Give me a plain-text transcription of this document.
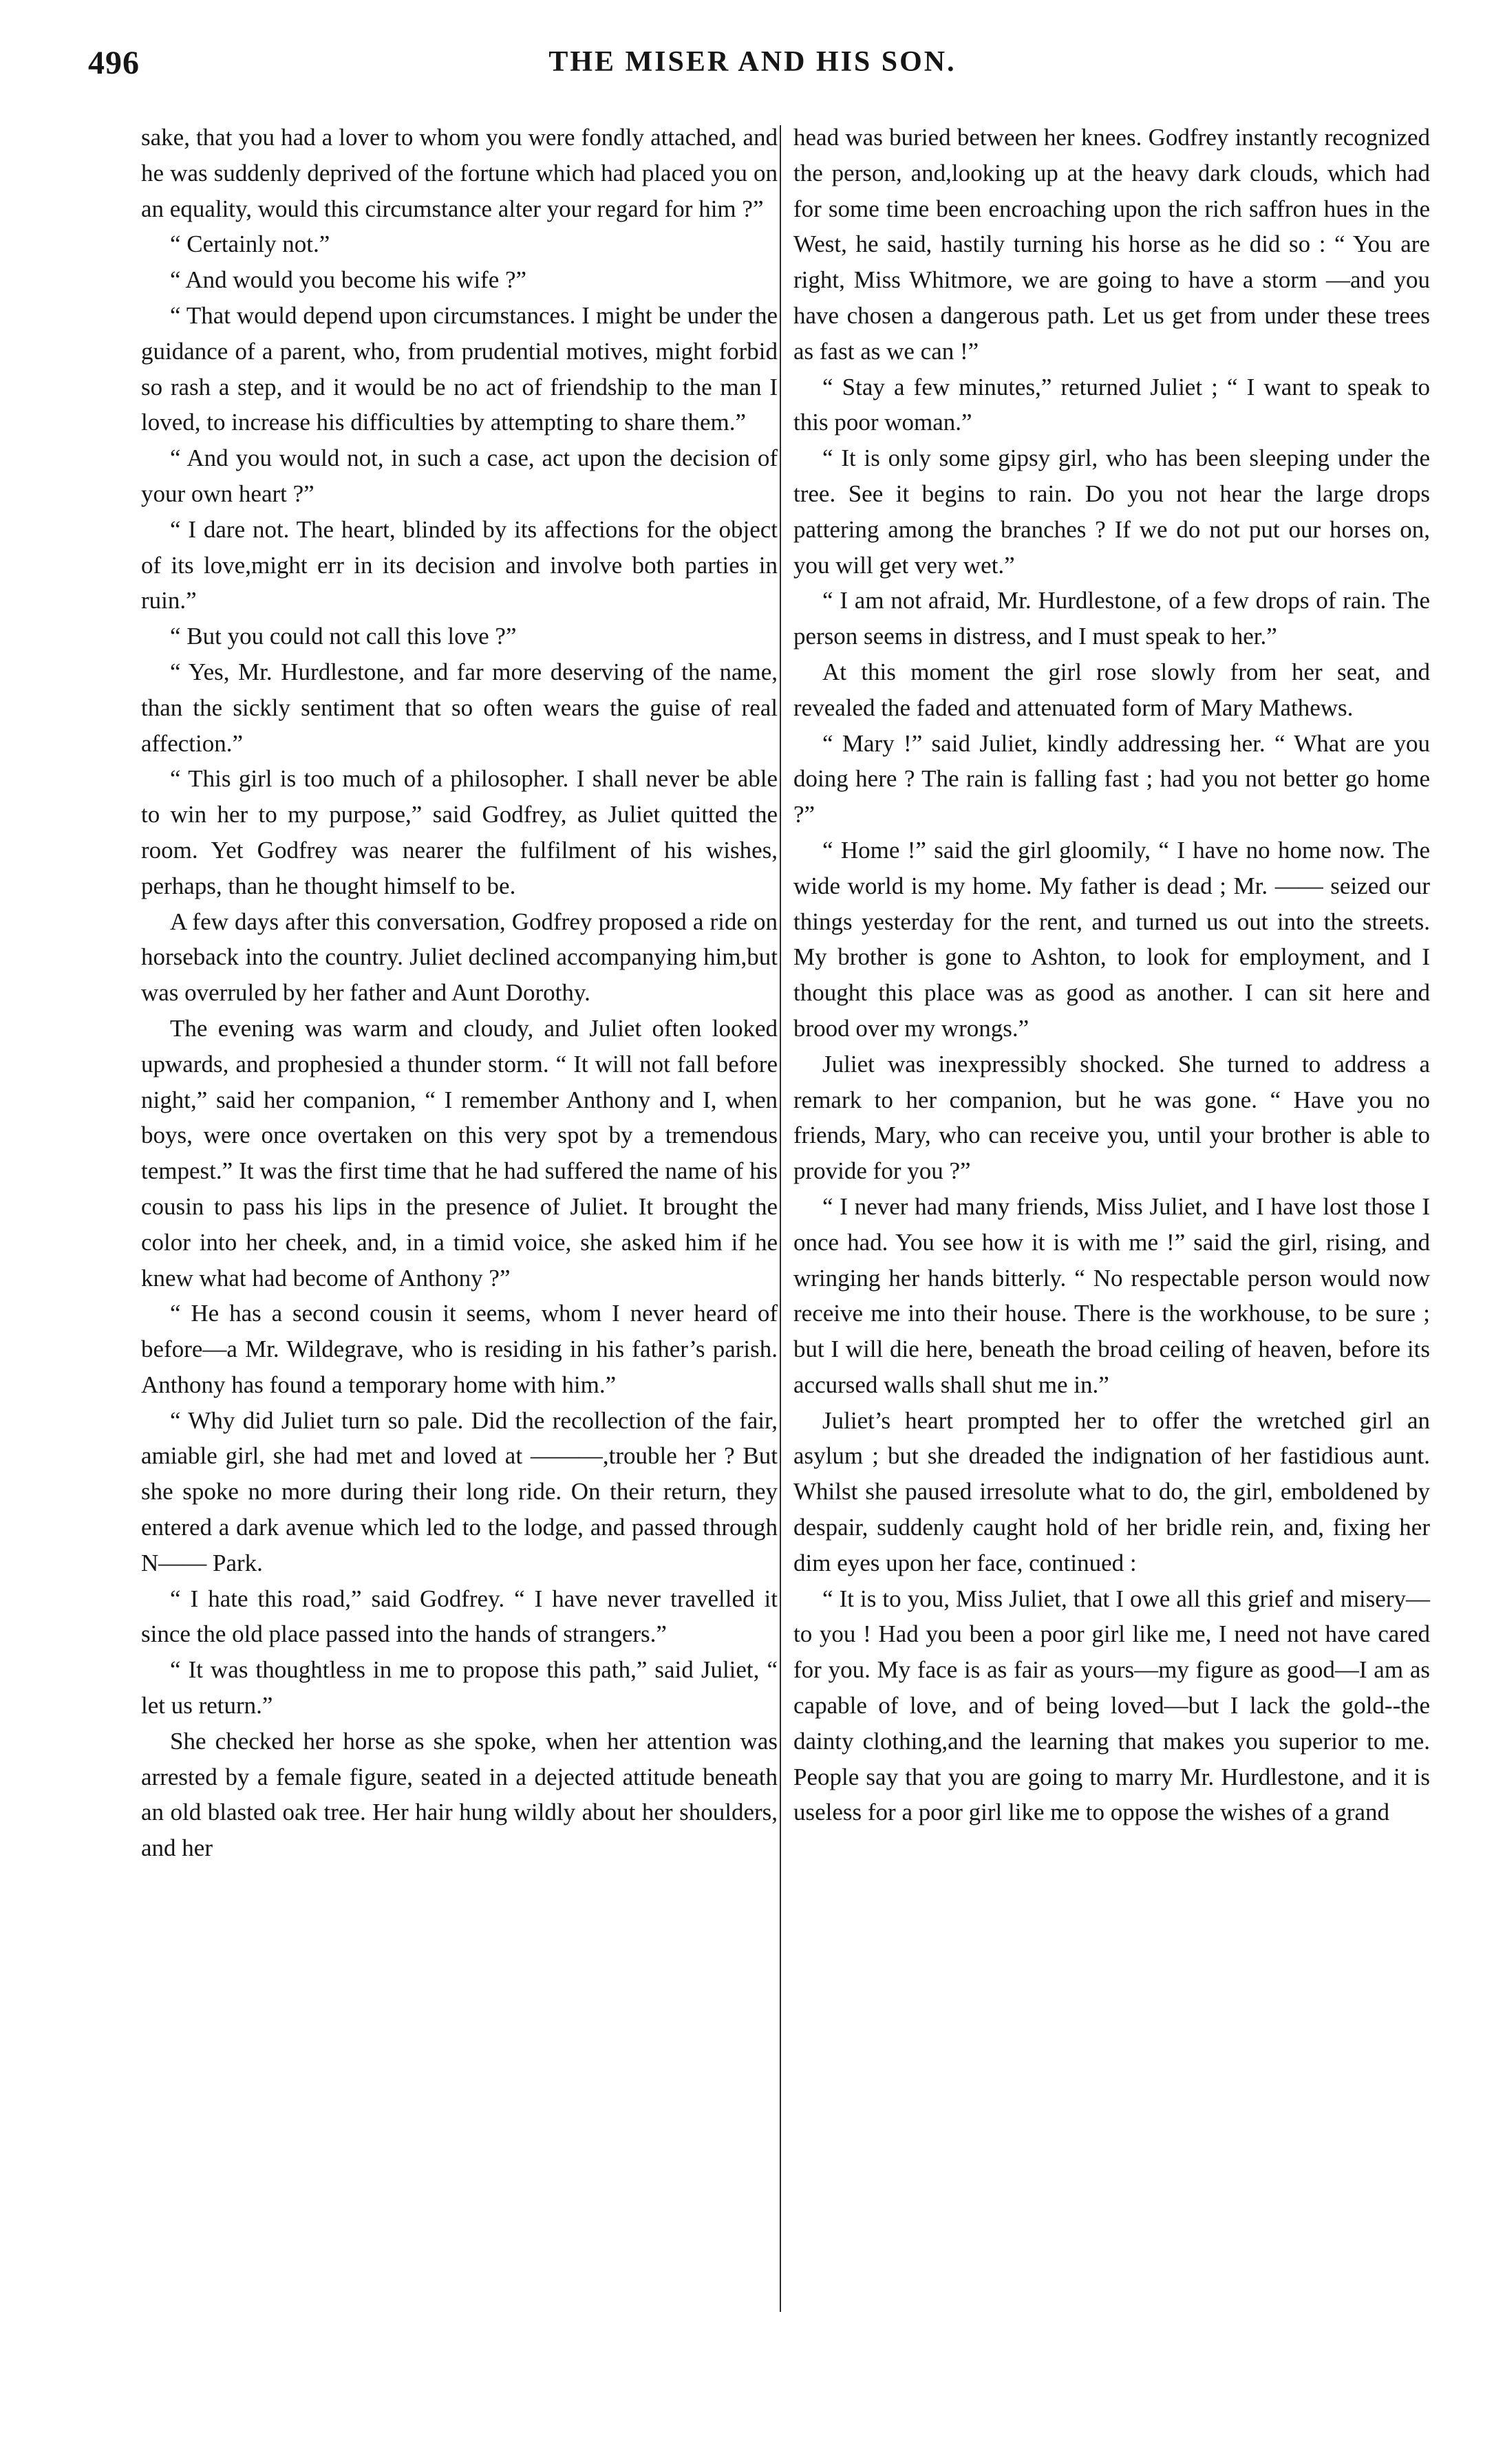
496	THE MISER AND HIS SON.

sake, that you had a lover to whom you were fondly attached, and he was suddenly deprived of the fortune which had placed you on an equality, would this circumstance alter your regard for him ?”

“ Certainly not.”

“ And would you become his wife ?”

“ That would depend upon circumstances. I might be under the guidance of a parent, who, from prudential motives, might forbid so rash a step, and it would be no act of friendship to the man I loved, to increase his difficulties by attempting to share them.”

“ And you would not, in such a case, act upon the decision of your own heart ?”

“ I dare not. The heart, blinded by its affections for the object of its love,might err in its decision and involve both parties in ruin.”

“ But you could not call this love ?”

“ Yes, Mr. Hurdlestone, and far more deserving of the name, than the sickly sentiment that so often wears the guise of real affection.”

“ This girl is too much of a philosopher. I shall never be able to win her to my purpose,” said Godfrey, as Juliet quitted the room. Yet Godfrey was nearer the fulfilment of his wishes, perhaps, than he thought himself to be.

A few days after this conversation, Godfrey proposed a ride on horseback into the country. Juliet declined accompanying him,but was overruled by her father and Aunt Dorothy.

The evening was warm and cloudy, and Juliet often looked upwards, and prophesied a thunder storm. “ It will not fall before night,” said her companion, “ I remember Anthony and I, when boys, were once overtaken on this very spot by a tremendous tempest.” It was the first time that he had suffered the name of his cousin to pass his lips in the presence of Juliet. It brought the color into her cheek, and, in a timid voice, she asked him if he knew what had become of Anthony ?”

“ He has a second cousin it seems, whom I never heard of before—a Mr. Wildegrave, who is residing in his father’s parish. Anthony has found a temporary home with him.”

“ Why did Juliet turn so pale. Did the recollection of the fair, amiable girl, she had met and loved at ———,trouble her ? But she spoke no more during their long ride. On their return, they entered a dark avenue which led to the lodge, and passed through N—— Park.

“ I hate this road,” said Godfrey. “ I have never travelled it since the old place passed into the hands of strangers.”

“ It was thoughtless in me to propose this path,” said Juliet, “ let us return.”

She checked her horse as she spoke, when her attention was arrested by a female figure, seated in a dejected attitude beneath an old blasted oak tree. Her hair hung wildly about her shoulders, and her

head was buried between her knees. Godfrey instantly recognized the person, and,looking up at the heavy dark clouds, which had for some time been encroaching upon the rich saffron hues in the West, he said, hastily turning his horse as he did so : “ You are right, Miss Whitmore, we are going to have a storm —and you have chosen a dangerous path. Let us get from under these trees as fast as we can !”

“ Stay a few minutes,” returned Juliet ; “ I want to speak to this poor woman.”

“ It is only some gipsy girl, who has been sleeping under the tree. See it begins to rain. Do you not hear the large drops pattering among the branches ? If we do not put our horses on, you will get very wet.”

“ I am not afraid, Mr. Hurdlestone, of a few drops of rain. The person seems in distress, and I must speak to her.”

At this moment the girl rose slowly from her seat, and revealed the faded and attenuated form of Mary Mathews.

“ Mary !” said Juliet, kindly addressing her. “ What are you doing here ? The rain is falling fast ; had you not better go home ?”

“ Home !” said the girl gloomily, “ I have no home now. The wide world is my home. My father is dead ; Mr. —— seized our things yesterday for the rent, and turned us out into the streets. My brother is gone to Ashton, to look for employment, and I thought this place was as good as another. I can sit here and brood over my wrongs.”

Juliet was inexpressibly shocked. She turned to address a remark to her companion, but he was gone. “ Have you no friends, Mary, who can receive you, until your brother is able to provide for you ?”

“ I never had many friends, Miss Juliet, and I have lost those I once had. You see how it is with me !” said the girl, rising, and wringing her hands bitterly. “ No respectable person would now receive me into their house. There is the workhouse, to be sure ; but I will die here, beneath the broad ceiling of heaven, before its accursed walls shall shut me in.”

Juliet’s heart prompted her to offer the wretched girl an asylum ; but she dreaded the indignation of her fastidious aunt. Whilst she paused irresolute what to do, the girl, emboldened by despair, suddenly caught hold of her bridle rein, and, fixing her dim eyes upon her face, continued :

“ It is to you, Miss Juliet, that I owe all this grief and misery—to you ! Had you been a poor girl like me, I need not have cared for you. My face is as fair as yours—my figure as good—I am as capable of love, and of being loved—but I lack the gold--the dainty clothing,and the learning that makes you superior to me. People say that you are going to marry Mr. Hurdlestone, and it is useless for a poor girl like me to oppose the wishes of a grand
